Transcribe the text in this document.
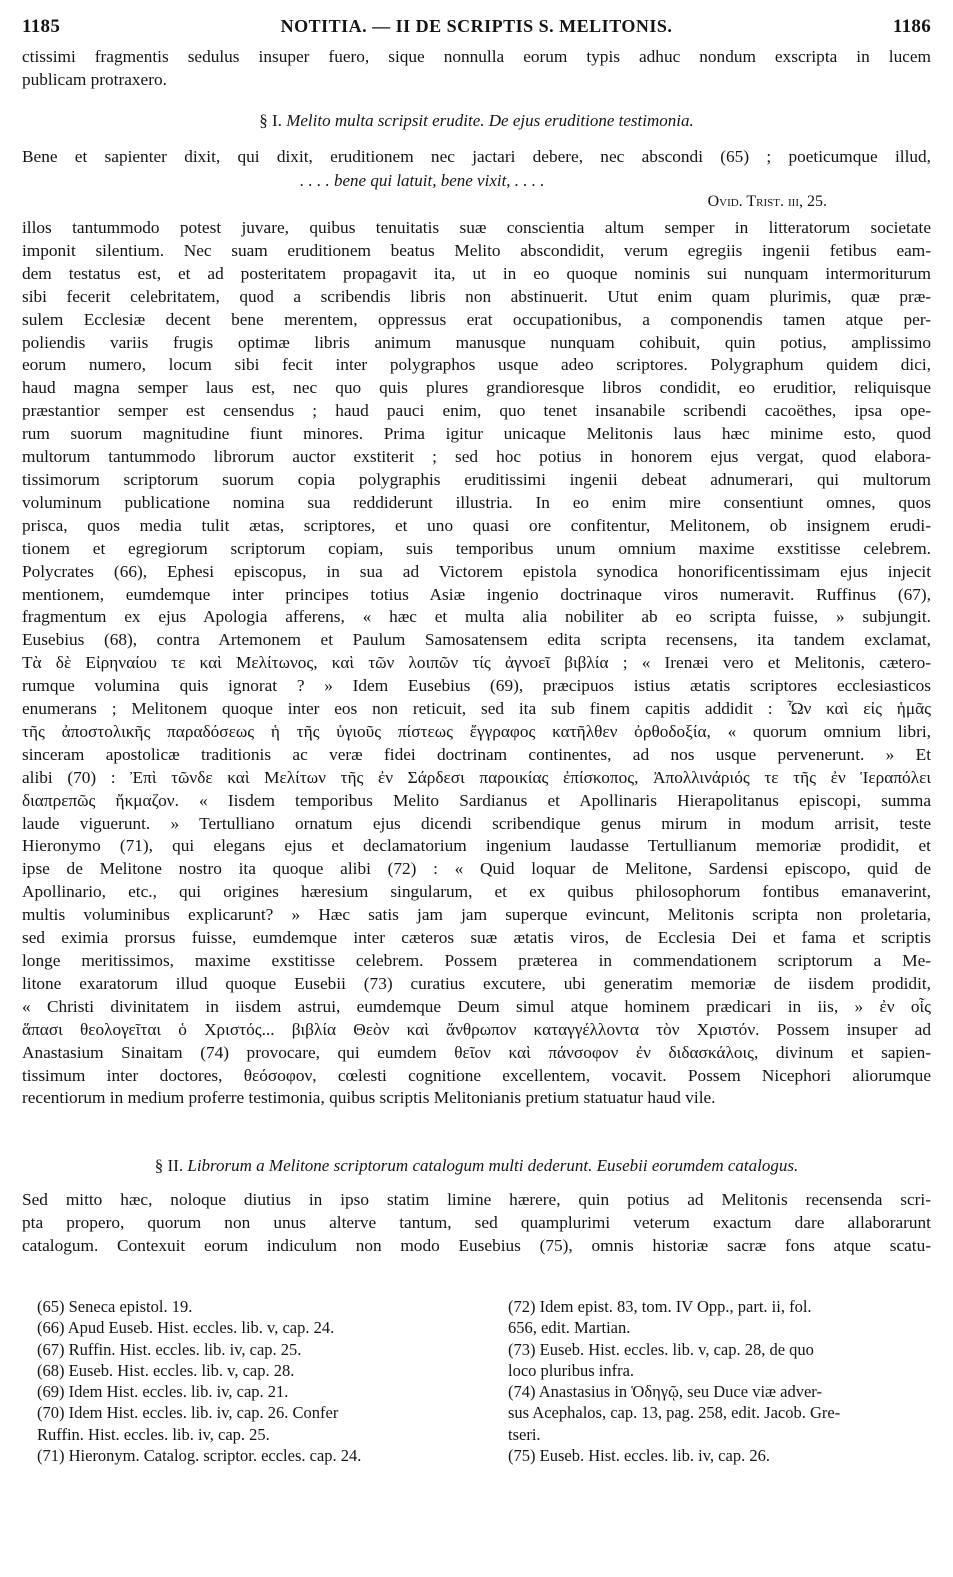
1185	NOTITIA. — II DE SCRIPTIS S. MELITONIS.	1186

ctissimi fragmentis sedulus insuper fuero, sique nonnulla eorum typis adhuc nondum exscripta in lucem

publicam protraxero.

§ I. Melito multa scripsit erudite. De ejus eruditione testimonia.

Bene et sapienter dixit, qui dixit, eruditionem nec jactari debere, nec abscondi (65) ; poeticumque illud,

. . . . bene qui latuit, bene vixit, . . . .
Ovid. Trist. iii, 25.

illos tantummodo potest juvare, quibus tenuitatis suæ conscientia altum semper in litteratorum societate

imponit silentium. Nec suam eruditionem beatus Melito abscondidit, verum egregiis ingenii fetibus eam-

dem testatus est, et ad posteritatem propagavit ita, ut in eo quoque nominis sui nunquam intermoriturum

sibi fecerit celebritatem, quod a scribendis libris non abstinuerit. Utut enim quam plurimis, quæ præ-

sulem Ecclesiæ decent bene merentem, oppressus erat occupationibus, a componendis tamen atque per-

poliendis variis frugis optimæ libris animum manusque nunquam cohibuit, quin potius, amplissimo

eorum numero, locum sibi fecit inter polygraphos usque adeo scriptores. Polygraphum quidem dici,

haud magna semper laus est, nec quo quis plures grandioresque libros condidit, eo eruditior, reliquisque

præstantior semper est censendus ; haud pauci enim, quo tenet insanabile scribendi cacoëthes, ipsa ope-

rum suorum magnitudine fiunt minores. Prima igitur unicaque Melitonis laus hæc minime esto, quod

multorum tantummodo librorum auctor exstiterit ; sed hoc potius in honorem ejus vergat, quod elabora-

tissimorum scriptorum suorum copia polygraphis eruditissimi ingenii debeat adnumerari, qui multorum

voluminum publicatione nomina sua reddiderunt illustria. In eo enim mire consentiunt omnes, quos

prisca, quos media tulit ætas, scriptores, et uno quasi ore confitentur, Melitonem, ob insignem erudi-

tionem et egregiorum scriptorum copiam, suis temporibus unum omnium maxime exstitisse celebrem.

Polycrates (66), Ephesi episcopus, in sua ad Victorem epistola synodica honorificentissimam ejus injecit

mentionem, eumdemque inter principes totius Asiæ ingenio doctrinaque viros numeravit. Ruffinus (67),

fragmentum ex ejus Apologia afferens, « hæc et multa alia nobiliter ab eo scripta fuisse, » subjungit.

Eusebius (68), contra Artemonem et Paulum Samosatensem edita scripta recensens, ita tandem exclamat,

Τὰ δὲ Εἰρηναίου τε καὶ Μελίτωνος, καὶ τῶν λοιπῶν τίς ἀγνοεῖ βιβλία ; « Irenæi vero et Melitonis, cætero-

rumque volumina quis ignorat ? » Idem Eusebius (69), præcipuos istius ætatis scriptores ecclesiasticos

enumerans ; Melitonem quoque inter eos non reticuit, sed ita sub finem capitis addidit : Ὧν καὶ εἰς ἡμᾶς

τῆς ἀποστολικῆς παραδόσεως ἡ τῆς ὑγιοῦς πίστεως ἔγγραφος κατῆλθεν ὀρθοδοξία, « quorum omnium libri,

sinceram apostolicæ traditionis ac veræ fidei doctrinam continentes, ad nos usque pervenerunt. » Et

alibi (70) : Ἐπὶ τῶνδε καὶ Μελίτων τῆς ἐν Σάρδεσι παροικίας ἐπίσκοπος, Ἀπολλινάριός τε τῆς ἐν Ἱεραπόλει

διαπρεπῶς ἤκμαζον. « Iisdem temporibus Melito Sardianus et Apollinaris Hierapolitanus episcopi, summa

laude viguerunt. » Tertulliano ornatum ejus dicendi scribendique genus mirum in modum arrisit, teste

Hieronymo (71), qui elegans ejus et declamatorium ingenium laudasse Tertullianum memoriæ prodidit, et

ipse de Melitone nostro ita quoque alibi (72) : « Quid loquar de Melitone, Sardensi episcopo, quid de

Apollinario, etc., qui origines hæresium singularum, et ex quibus philosophorum fontibus emanaverint,

multis voluminibus explicarunt? » Hæc satis jam jam superque evincunt, Melitonis scripta non proletaria,

sed eximia prorsus fuisse, eumdemque inter cæteros suæ ætatis viros, de Ecclesia Dei et fama et scriptis

longe meritissimos, maxime exstitisse celebrem. Possem præterea in commendationem scriptorum a Me-

litone exaratorum illud quoque Eusebii (73) curatius excutere, ubi generatim memoriæ de iisdem prodidit,

« Christi divinitatem in iisdem astrui, eumdemque Deum simul atque hominem prædicari in iis, » ἐν οἷς

ἅπασι θεολογεῖται ὁ Χριστός... βιβλία Θεὸν καὶ ἄνθρωπον καταγγέλλοντα τὸν Χριστόν. Possem insuper ad

Anastasium Sinaitam (74) provocare, qui eumdem θεῖον καὶ πάνσοφον ἐν διδασκάλοις, divinum et sapien-

tissimum inter doctores, θεόσοφον, cœlesti cognitione excellentem, vocavit. Possem Nicephori aliorumque

recentiorum in medium proferre testimonia, quibus scriptis Melitonianis pretium statuatur haud vile.

§ II. Librorum a Melitone scriptorum catalogum multi dederunt. Eusebii eorumdem catalogus.

Sed mitto hæc, noloque diutius in ipso statim limine hærere, quin potius ad Melitonis recensenda scri-

pta propero, quorum non unus alterve tantum, sed quamplurimi veterum exactum dare allaborarunt

catalogum. Contexuit eorum indiculum non modo Eusebius (75), omnis historiæ sacræ fons atque scatu-

(65) Seneca epistol. 19.
(66) Apud Euseb. Hist. eccles. lib. v, cap. 24.
(67) Ruffin. Hist. eccles. lib. iv, cap. 25.
(68) Euseb. Hist. eccles. lib. v, cap. 28.
(69) Idem Hist. eccles. lib. iv, cap. 21.
(70) Idem Hist. eccles. lib. iv, cap. 26. Confer
Ruffin. Hist. eccles. lib. iv, cap. 25.
(71) Hieronym. Catalog. scriptor. eccles. cap. 24.
(72) Idem epist. 83, tom. IV Opp., part. ii, fol.
656, edit. Martian.
(73) Euseb. Hist. eccles. lib. v, cap. 28, de quo
loco pluribus infra.
(74) Anastasius in Ὁδηγῷ, seu Duce viæ adver-
sus Acephalos, cap. 13, pag. 258, edit. Jacob. Gre-
tseri.
(75) Euseb. Hist. eccles. lib. iv, cap. 26.
